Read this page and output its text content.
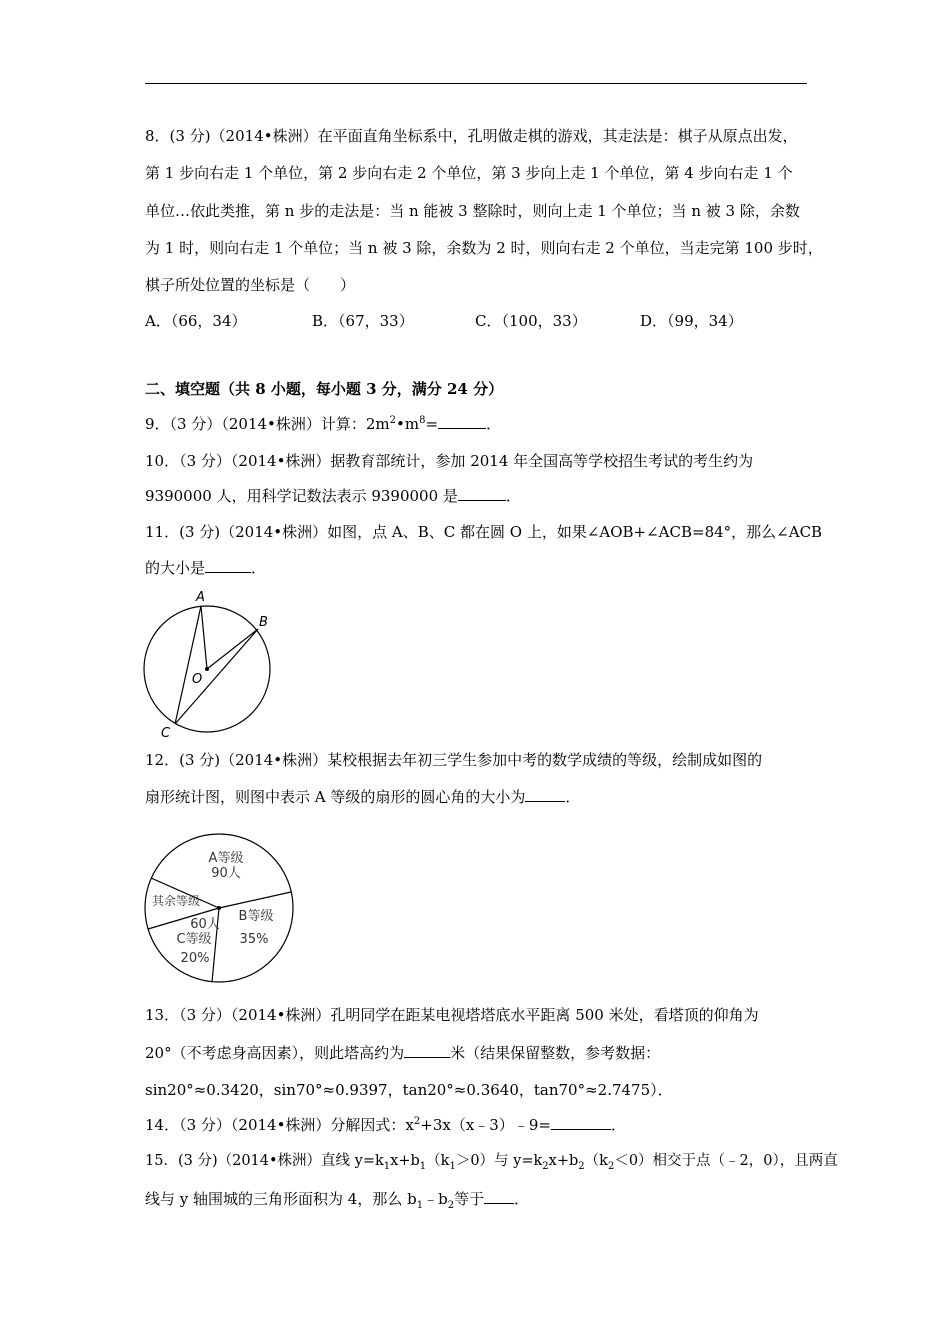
8．(3 分)（2014•株洲）在平面直角坐标系中，孔明做走棋的游戏，其走法是：棋子从原点出发，
第 1 步向右走 1 个单位，第 2 步向右走 2 个单位，第 3 步向上走 1 个单位，第 4 步向右走 1 个
单位…依此类推，第 n 步的走法是：当 n 能被 3 整除时，则向上走 1 个单位；当 n 被 3 除，余数
为 1 时，则向右走 1 个单位；当 n 被 3 除，余数为 2 时，则向右走 2 个单位，当走完第 100 步时，
棋子所处位置的坐标是（　　）
A．（66，34）	B．（67，33）	C．（100，33）	D．（99，34）
二、填空题（共 8 小题，每小题 3 分，满分 24 分）
9．（3 分）（2014•株洲）计算：$2m^2•m^8=$	．
10．（3 分）（2014•株洲）据教育部统计，参加 2014 年全国高等学校招生考试的考生约为
9390000 人，用科学记数法表示 9390000 是	．
11．(3 分)（2014•株洲）如图，点 A、B、C 都在圆 O 上，如果∠AOB+∠ACB=84°，那么∠ACB
的大小是	．
A
B
O
C
12．(3 分)（2014•株洲）某校根据去年初三学生参加中考的数学成绩的等级，绘制成如图的
扇形统计图，则图中表示 A 等级的扇形的圆心角的大小为	．
A等级
90人
B等级
35%
C等级
20%
其余等级
60人
13．（3 分）（2014•株洲）孔明同学在距某电视塔塔底水平距离 500 米处，看塔顶的仰角为
20°（不考虑身高因素），则此塔高约为	米（结果保留整数，参考数据：
sin20°≈0.3420，sin70°≈0.9397，tan20°≈0.3640，tan70°≈2.7475）．
14．（3 分）（2014•株洲）分解因式：$x^2+3x(x﹣3)﹣9=$	．
15．(3 分)（2014•株洲）直线 $y=k_1x+b_1(k_1>0)$与 $y=k_2x+b_2(k_2<0)$相交于点（﹣2，0），且两直
线与 y 轴围城的三角形面积为 4，那么 $b_1﹣b_2$等于 ．
